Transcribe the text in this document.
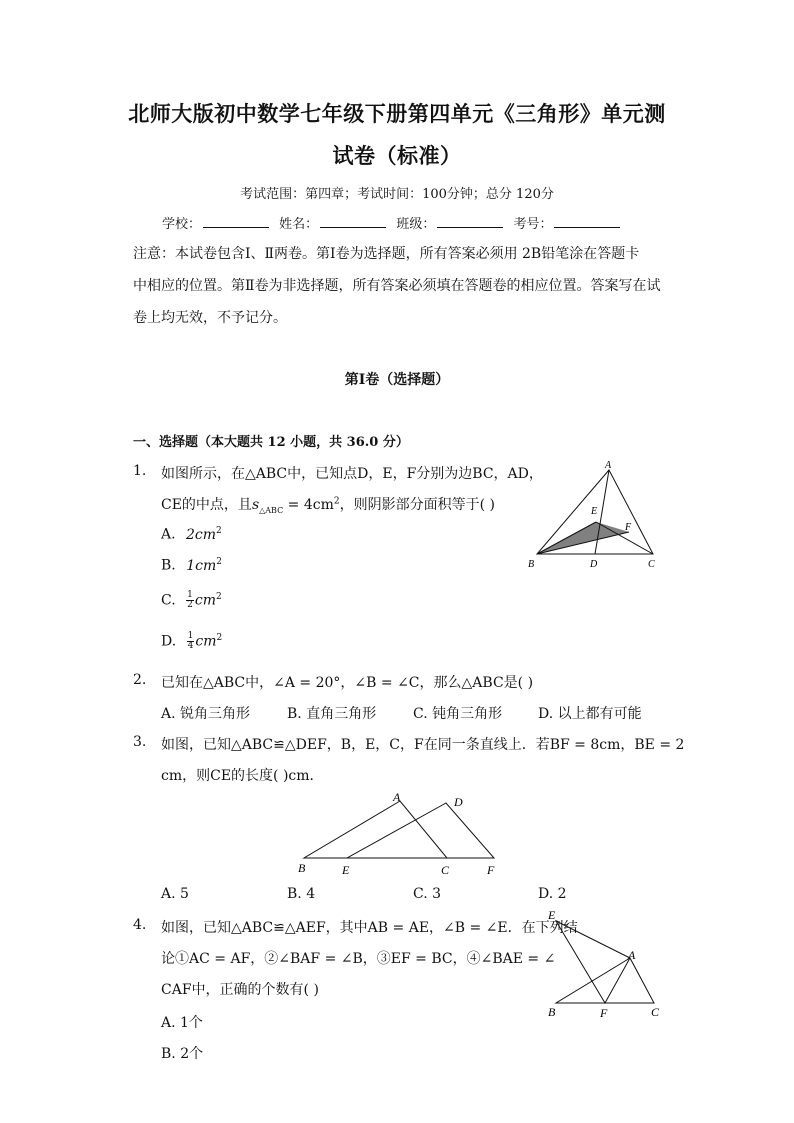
北师大版初中数学七年级下册第四单元《三角形》单元测
试卷（标准）
考试范围：第四章；考试时间：100分钟；总分 120分
学校：	姓名：	班级：	考号：
注意：本试卷包含Ⅰ、Ⅱ两卷。第Ⅰ卷为选择题，所有答案必须用 2B铅笔涂在答题卡
中相应的位置。第Ⅱ卷为非选择题，所有答案必须填在答题卷的相应位置。答案写在试
卷上均无效，不予记分。
第Ⅰ卷（选择题）
一、选择题（本大题共 12 小题，共 36.0 分）
1. 如图所示，在△ABC中，已知点D，E，F分别为边BC，AD，
CE的中点，且$s_{\triangle ABC} = 4cm^2$，则阴影部分面积等于( )
A. $2cm^2$
B. $1cm^2$
C. $\frac{1}{2} cm^2$
D. $\frac{1}{4} cm^2$
A
B	C
D
E
F
2. 已知在△ABC中，∠A = 20°，∠B = ∠C，那么△ABC是( )
A. 锐角三角形	B. 直角三角形	C. 钝角三角形	D. 以上都有可能
3. 如图，已知△ABC≌△DEF，B，E，C，F在同一条直线上．若BF = 8cm，BE = 2
cm，则CE的长度( )cm．
A	D
B	E	C	F
A. 5	B. 4	C. 3	D. 2
4. 如图，已知△ABC≌△AEF，其中AB = AE，∠B = ∠E．在下列结
论①AC = AF，②∠BAF = ∠B，③EF = BC，④∠BAE = ∠
CAF中，正确的个数有( )
A. 1个
B. 2个
E
A
B	F	C
